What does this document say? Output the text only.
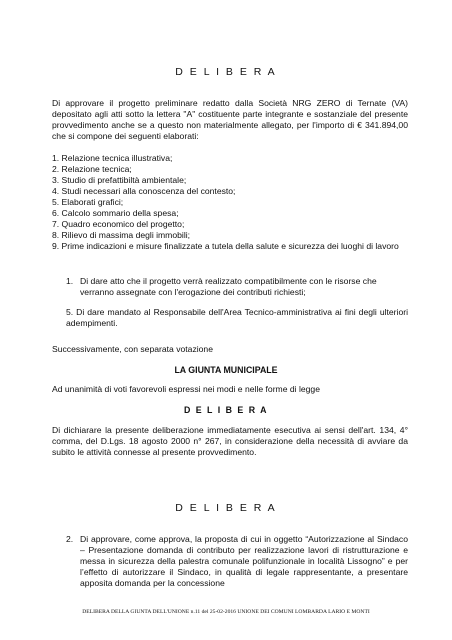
D E L I B E R A
Di approvare il progetto preliminare redatto dalla Società NRG ZERO di Ternate (VA) depositato agli atti sotto la lettera "A" costituente parte integrante e sostanziale del presente provvedimento anche se a questo non materialmente allegato, per l'importo di € 341.894,00 che si compone dei seguenti elaborati:
1. Relazione tecnica illustrativa;
2. Relazione tecnica;
3. Studio di prefattibiltà ambientale;
4. Studi necessari alla conoscenza del contesto;
5. Elaborati grafici;
6. Calcolo sommario della spesa;
7. Quadro economico del progetto;
8. Rilievo di massima degli immobili;
9. Prime indicazioni e misure finalizzate a tutela della salute e sicurezza dei luoghi di lavoro
1. Di dare atto che il progetto verrà realizzato compatibilmente con le risorse che verranno assegnate con l'erogazione dei contributi richiesti;
5. Di dare mandato al Responsabile dell'Area Tecnico-amministrativa ai fini degli ulteriori adempimenti.
Successivamente, con separata votazione
LA GIUNTA MUNICIPALE
Ad unanimità di voti favorevoli espressi nei modi e nelle forme di legge
D E L I B E R A
Di dichiarare la presente deliberazione immediatamente esecutiva ai sensi dell'art. 134, 4° comma, del D.Lgs. 18 agosto 2000 n° 267, in considerazione della necessità di avviare da subito le attività connesse al presente provvedimento.
D E L I B E R A
2. Di approvare, come approva, la proposta di cui in oggetto “Autorizzazione al Sindaco – Presentazione domanda di contributo per realizzazione lavori di ristrutturazione e messa in sicurezza della palestra comunale polifunzionale in località Lissogno” e per l’effetto di autorizzare il Sindaco, in qualità di legale rappresentante, a presentare apposita domanda per la concessione
DELIBERA DELLA GIUNTA DELL'UNIONE n.11 del 25-02-2016 UNIONE DEI COMUNI LOMBARDA LARIO E MONTI
